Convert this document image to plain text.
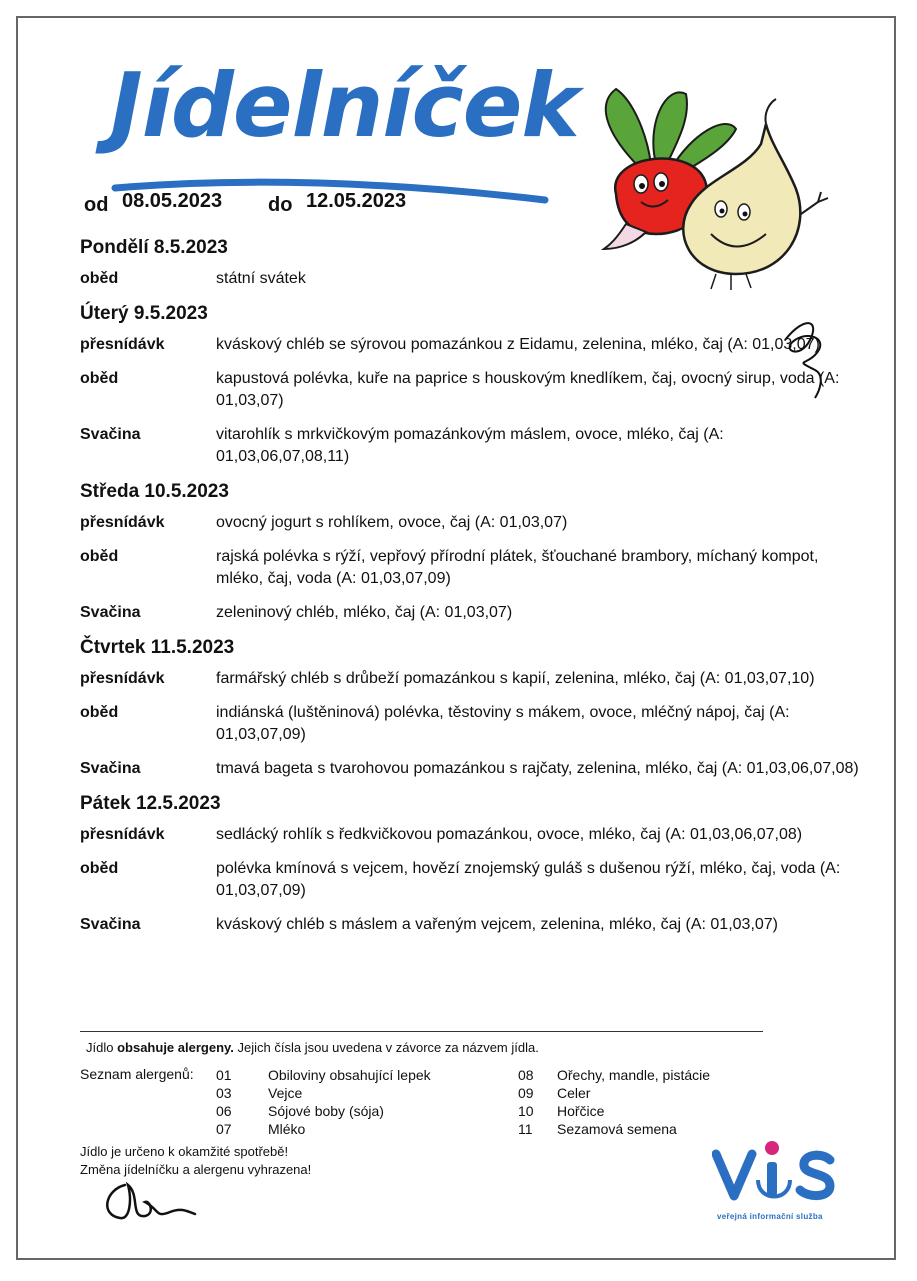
Jídelníček
od 08.05.2023 do 12.05.2023
Pondělí 8.5.2023
oběd	státní svátek
Úterý 9.5.2023
přesnídávk	kváskový chléb se sýrovou pomazánkou z Eidamu, zelenina, mléko, čaj (A: 01,03,07)
oběd	kapustová polévka, kuře na paprice s houskovým knedlíkem, čaj, ovocný sirup, voda (A: 01,03,07)
Svačina	vitarohlík s mrkvičkovým pomazánkovým máslem, ovoce, mléko, čaj (A: 01,03,06,07,08,11)
Středa 10.5.2023
přesnídávk	ovocný jogurt s rohlíkem, ovoce, čaj (A: 01,03,07)
oběd	rajská polévka s rýží, vepřový přírodní plátek, šťouchané brambory, míchaný kompot, mléko, čaj, voda (A: 01,03,07,09)
Svačina	zeleninový chléb, mléko, čaj (A: 01,03,07)
Čtvrtek 11.5.2023
přesnídávk	farmářský chléb s drůbeží pomazánkou s kapií, zelenina, mléko, čaj (A: 01,03,07,10)
oběd	indiánská (luštěninová) polévka, těstoviny s mákem, ovoce, mléčný nápoj, čaj (A: 01,03,07,09)
Svačina	tmavá bageta s tvarohovou pomazánkou s rajčaty, zelenina, mléko, čaj (A: 01,03,06,07,08)
Pátek 12.5.2023
přesnídávk	sedlácký rohlík s ředkvičkovou pomazánkou, ovoce, mléko, čaj (A: 01,03,06,07,08)
oběd	polévka kmínová s vejcem, hovězí znojemský guláš s dušenou rýží, mléko, čaj, voda (A: 01,03,07,09)
Svačina	kváskový chléb s máslem a vařeným vejcem, zelenina, mléko, čaj (A: 01,03,07)
Jídlo obsahuje alergeny. Jejich čísla jsou uvedena v závorce za názvem jídla.
Seznam alergenů: 01	Obiloviny obsahující lepek
03	Vejce
06	Sójové boby (sója)
07	Mléko
08	Ořechy, mandle, pistácie
09	Celer
10	Hořčice
11	Sezamová semena
Jídlo je určeno k okamžité spotřebě!
Změna jídelníčku a alergenu vyhrazena!
veřejná informační služba
